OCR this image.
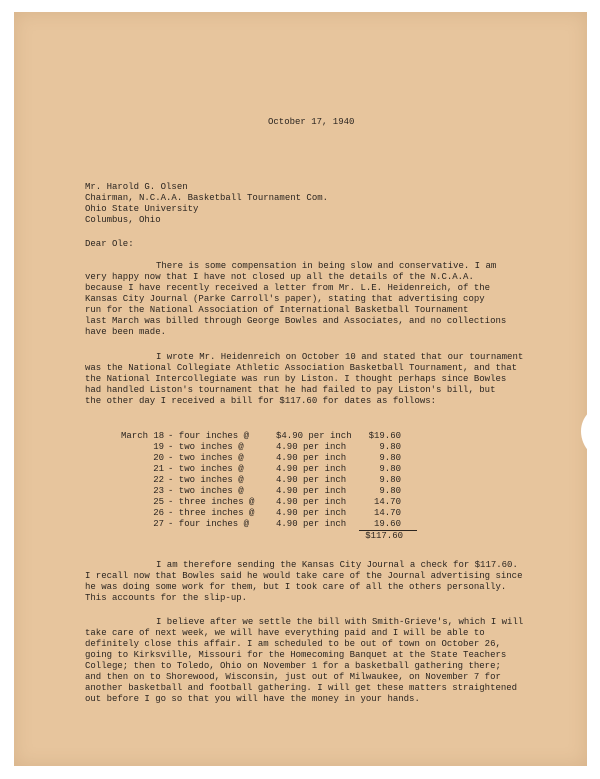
October 17, 1940
Mr. Harold G. Olsen
Chairman, N.C.A.A. Basketball Tournament Com.
Ohio State University
Columbus, Ohio
Dear Ole:
There is some compensation in being slow and conservative. I am
very happy now that I have not closed up all the details of the N.C.A.A.
because I have recently received a letter from Mr. L.E. Heidenreich, of the
Kansas City Journal (Parke Carroll's paper), stating that advertising copy
run for the National Association of International Basketball Tournament
last March was billed through George Bowles and Associates, and no collections
have been made.
I wrote Mr. Heidenreich on October 10 and stated that our tournament
was the National Collegiate Athletic Association Basketball Tournament, and that
the National Intercollegiate was run by Liston. I thought perhaps since Bowles
had handled Liston's tournament that he had failed to pay Liston's bill, but
the other day I received a bill for $117.60 for dates as follows:
March 18 - four inches @	$4.90 per inch	$19.60
19 - two inches @	4.90 per inch	9.80
20 - two inches @	4.90 per inch	9.80
21 - two inches @	4.90 per inch	9.80
22 - two inches @	4.90 per inch	9.80
23 - two inches @	4.90 per inch	9.80
25 - three inches @ 4.90 per inch	14.70
26 - three inches @ 4.90 per inch	14.70
27 - four inches @	4.90 per inch	19.60
$117.60
I am therefore sending the Kansas City Journal a check for $117.60.
I recall now that Bowles said he would take care of the Journal advertising since
he was doing some work for them, but I took care of all the others personally.
This accounts for the slip-up.
I believe after we settle the bill with Smith-Grieve's, which I will
take care of next week, we will have everything paid and I will be able to
definitely close this affair. I am scheduled to be out of town on October 26,
going to Kirksville, Missouri for the Homecoming Banquet at the State Teachers
College; then to Toledo, Ohio on November 1 for a basketball gathering there;
and then on to Shorewood, Wisconsin, just out of Milwaukee, on November 7 for
another basketball and football gathering. I will get these matters straightened
out before I go so that you will have the money in your hands.
